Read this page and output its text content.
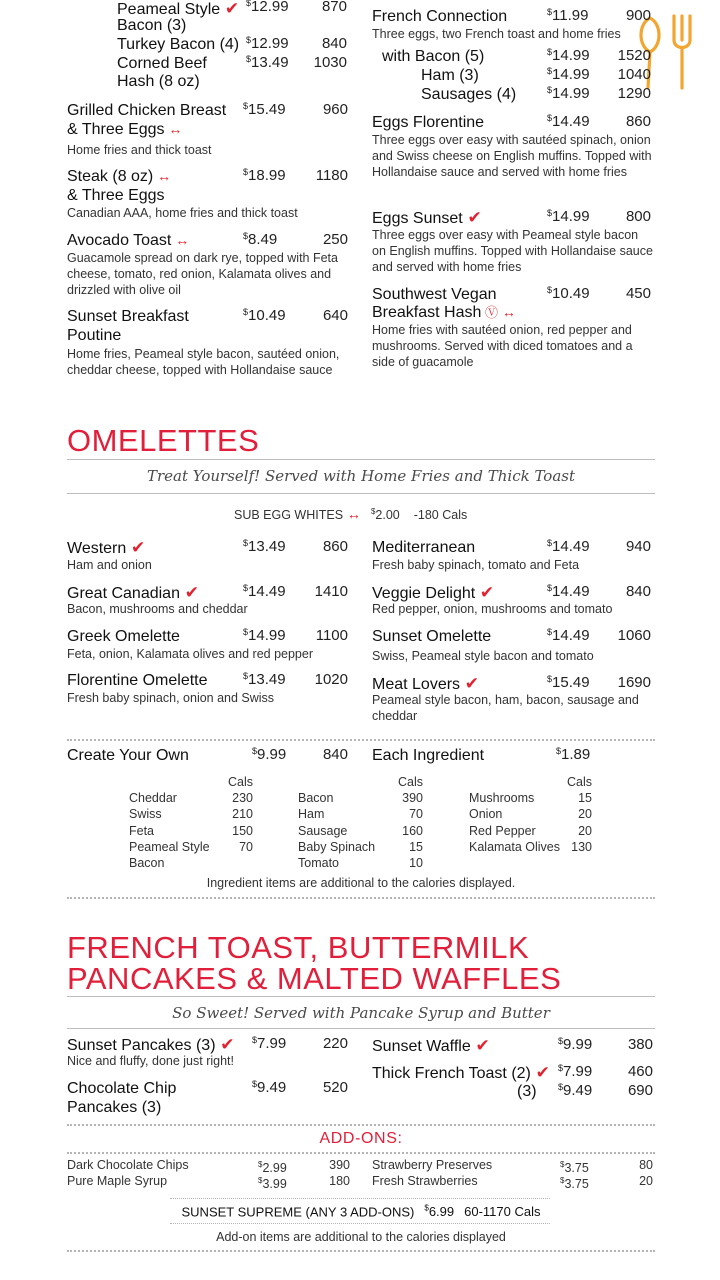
Peameal Style ✔
Bacon (3)
$12.99	870
Turkey Bacon (4) $12.99	840
Corned Beef
Hash (8 oz)
$13.49	1030
Grilled Chicken Breast
& Three Eggs ↔
$15.49	960
Home fries and thick toast
Steak (8 oz) ↔
& Three Eggs
$18.99	1180
Canadian AAA, home fries and thick toast
Avocado Toast ↔	$8.49	250
Guacamole spread on dark rye, topped with Feta cheese, tomato, red onion, Kalamata olives and drizzled with olive oil
Sunset Breakfast
Poutine
$10.49	640
Home fries, Peameal style bacon, sautéed onion, cheddar cheese, topped with Hollandaise sauce
French Connection	$11.99	900
Three eggs, two French toast and home fries
with Bacon (5)	$14.99	1520
Ham (3)	$14.99	1040
Sausages (4)	$14.99	1290
Eggs Florentine	$14.49	860
Three eggs over easy with sautéed spinach, onion and Swiss cheese on English muffins. Topped with Hollandaise sauce and served with home fries
Eggs Sunset ✔	$14.99	800
Three eggs over easy with Peameal style bacon on English muffins. Topped with Hollandaise sauce and served with home fries
Southwest Vegan
Breakfast Hash Ⓥ ↔
$10.49	450
Home fries with sautéed onion, red pepper and mushrooms. Served with diced tomatoes and a side of guacamole
OMELETTES
Treat Yourself! Served with Home Fries and Thick Toast
SUB EGG WHITES ↔ $2.00 -180 Cals
Western ✔	$13.49	860
Ham and onion
Great Canadian ✔	$14.49	1410
Bacon, mushrooms and cheddar
Greek Omelette	$14.99	1100
Feta, onion, Kalamata olives and red pepper
Florentine Omelette	$13.49	1020
Fresh baby spinach, onion and Swiss
Mediterranean	$14.49	940
Fresh baby spinach, tomato and Feta
Veggie Delight ✔	$14.49	840
Red pepper, onion, mushrooms and tomato
Sunset Omelette	$14.49	1060
Swiss, Peameal style bacon and tomato
Meat Lovers ✔	$15.49	1690
Peameal style bacon, ham, bacon, sausage and cheddar
Create Your Own	$9.99	840 Each Ingredient	$1.89
Cals
Cheddar	230
Swiss	210
Feta	150
Peameal Style	70
Bacon
Cals
Bacon	390
Ham	70
Sausage	160
Baby Spinach	15
Tomato	10
Cals
Mushrooms	15
Onion	20
Red Pepper	20
Kalamata Olives 130
Ingredient items are additional to the calories displayed.
FRENCH TOAST, BUTTERMILK
PANCAKES & MALTED WAFFLES
So Sweet! Served with Pancake Syrup and Butter
Sunset Pancakes (3) ✔ $7.99	220
Nice and fluffy, done just right!
Chocolate Chip
Pancakes (3)
$9.49	520
Sunset Waffle ✔	$9.99	380
Thick French Toast (2) ✔ $7.99	460
(3) $9.49	690
ADD-ONS:
Dark Chocolate Chips	$2.99	390
Pure Maple Syrup	$3.99	180
Strawberry Preserves	$3.75	80
Fresh Strawberries	$3.75	20
SUNSET SUPREME (ANY 3 ADD-ONS) $6.99 60-1170 Cals
Add-on items are additional to the calories displayed
